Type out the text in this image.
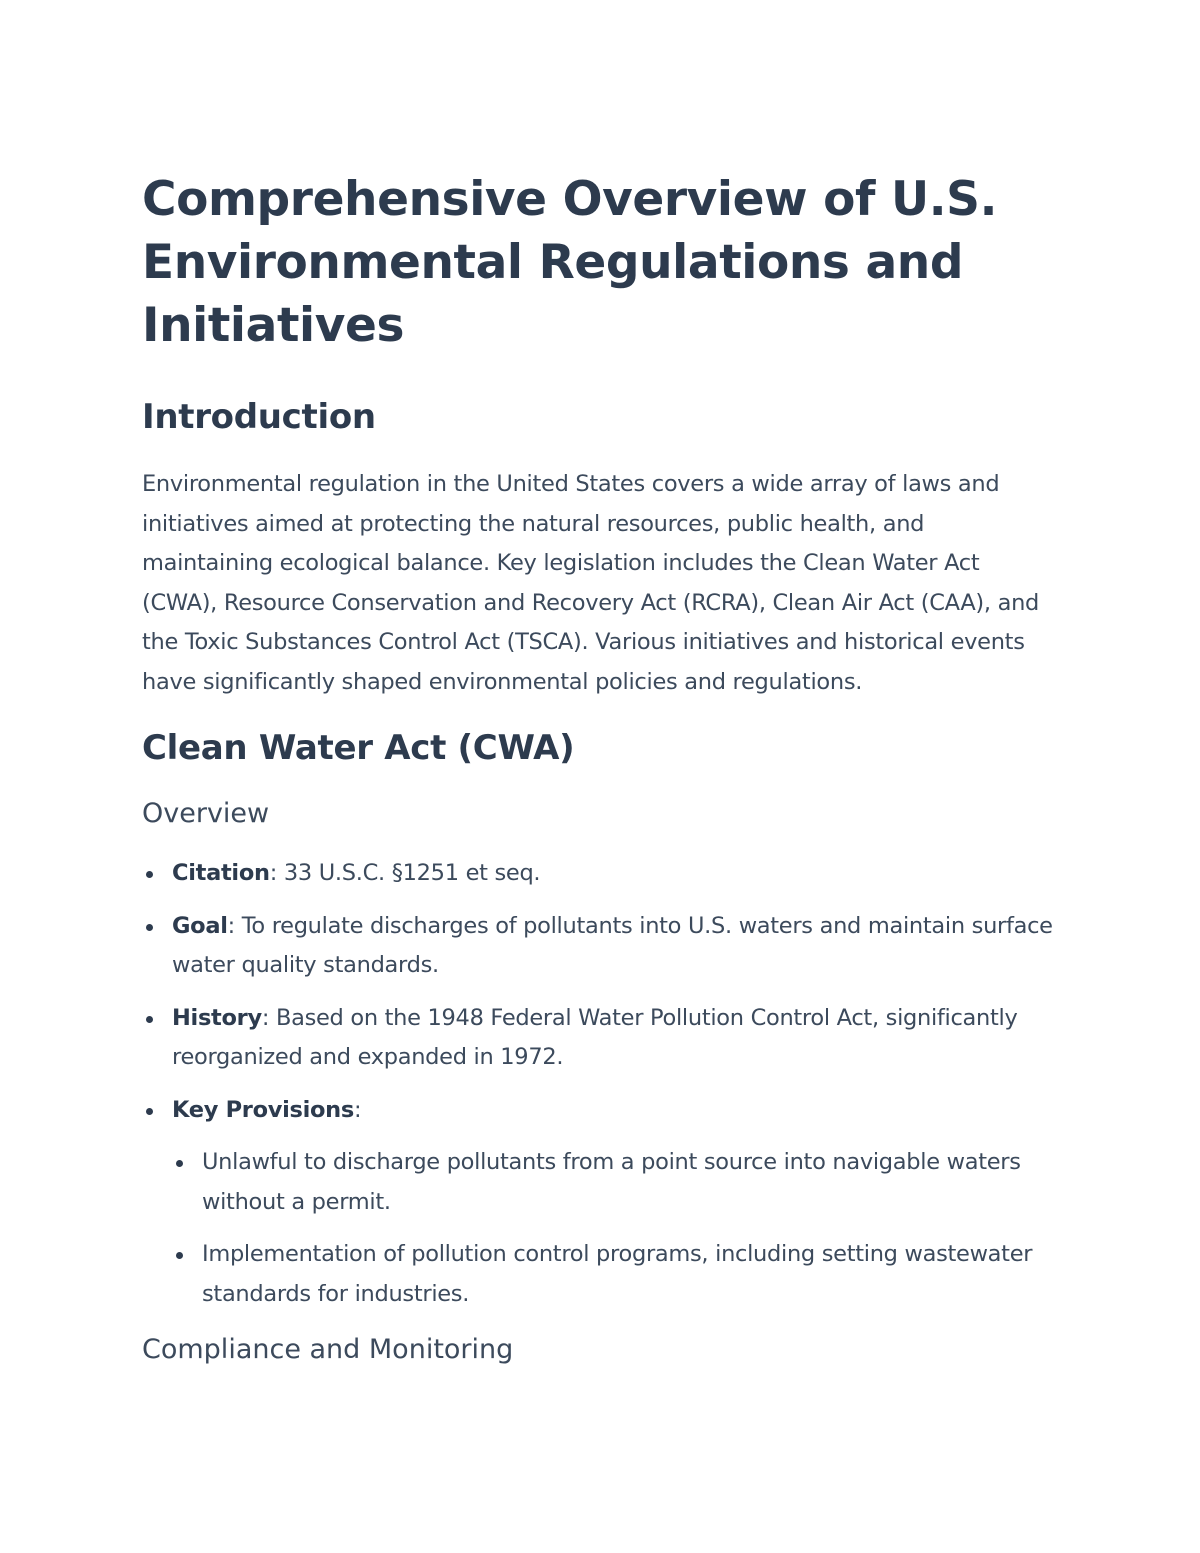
Comprehensive Overview of U.S. Environmental Regulations and Initiatives
Introduction

Environmental regulation in the United States covers a wide array of laws and initiatives aimed at protecting the natural resources, public health, and maintaining ecological balance. Key legislation includes the Clean Water Act (CWA), Resource Conservation and Recovery Act (RCRA), Clean Air Act (CAA), and the Toxic Substances Control Act (TSCA). Various initiatives and historical events have significantly shaped environmental policies and regulations.

Clean Water Act (CWA)
Overview
Citation: 33 U.S.C. §1251 et seq.
Goal: To regulate discharges of pollutants into U.S. waters and maintain surface water quality standards.
History: Based on the 1948 Federal Water Pollution Control Act, significantly reorganized and expanded in 1972.
Key Provisions:
Unlawful to discharge pollutants from a point source into navigable waters without a permit.
Implementation of pollution control programs, including setting wastewater standards for industries.
Compliance and Monitoring
